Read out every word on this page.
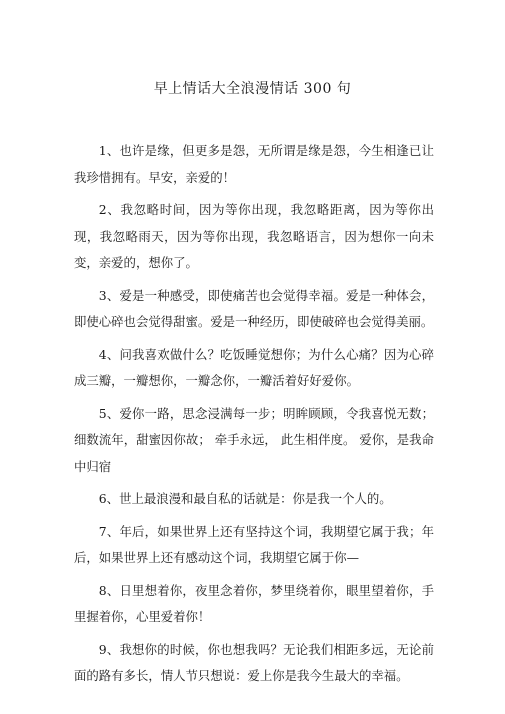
早上情话大全浪漫情话 300 句

1、也许是缘，但更多是怨，无所谓是缘是怨，今生相逢已让我珍惜拥有。早安，亲爱的！

2、我忽略时间，因为等你出现，我忽略距离，因为等你出现，我忽略雨天，因为等你出现，我忽略语言，因为想你一向未变，亲爱的，想你了。

3、爱是一种感受，即使痛苦也会觉得幸福。爱是一种体会，即使心碎也会觉得甜蜜。爱是一种经历，即使破碎也会觉得美丽。

4、问我喜欢做什么？吃饭睡觉想你；为什么心痛？因为心碎成三瓣，一瓣想你，一瓣念你，一瓣活着好好爱你。

5、爱你一路，思念浸满每一步；明眸顾顾，令我喜悦无数；细数流年，甜蜜因你故； 牵手永远， 此生相伴度。 爱你，是我命中归宿

6、世上最浪漫和最自私的话就是：你是我一个人的。

7、年后，如果世界上还有坚持这个词，我期望它属于我；年后，如果世界上还有感动这个词，我期望它属于你—

8、日里想着你，夜里念着你，梦里绕着你，眼里望着你，手里握着你，心里爱着你！

9、我想你的时候，你也想我吗？无论我们相距多远，无论前面的路有多长，情人节只想说：爱上你是我今生最大的幸福。
